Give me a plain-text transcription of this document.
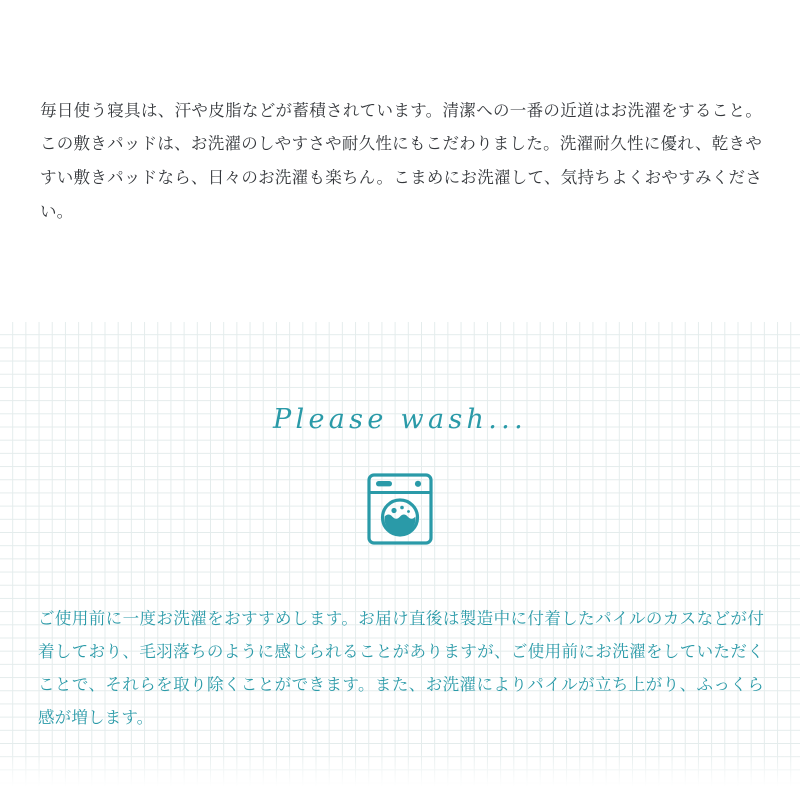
毎日使う寝具は、汗や皮脂などが蓄積されています。清潔への一番の近道はお洗濯をすること。この敷きパッドは、お洗濯のしやすさや耐久性にもこだわりました。洗濯耐久性に優れ、乾きやすい敷きパッドなら、日々のお洗濯も楽ちん。こまめにお洗濯して、気持ちよくおやすみください。

Please wash...

ご使用前に一度お洗濯をおすすめします。お届け直後は製造中に付着したパイルのカスなどが付着しており、毛羽落ちのように感じられることがありますが、ご使用前にお洗濯をしていただくことで、それらを取り除くことができます。また、お洗濯によりパイルが立ち上がり、ふっくら感が増します。
